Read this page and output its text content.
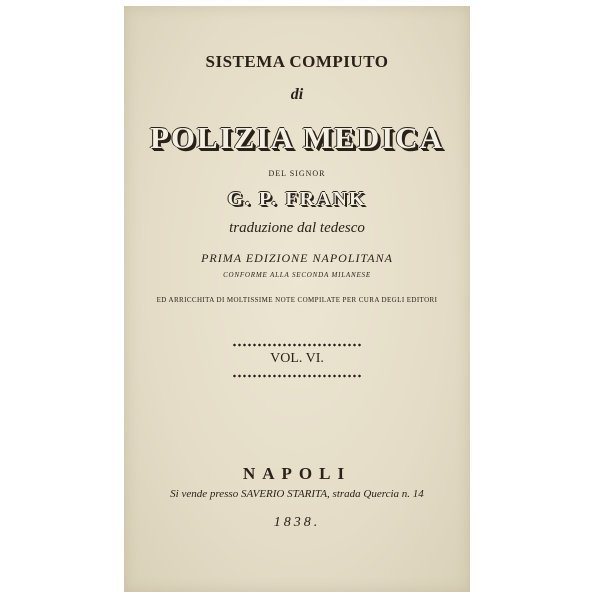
SISTEMA COMPIUTO
di
POLIZIA MEDICA
DEL SIGNOR
G. P. FRANK
traduzione dal tedesco
PRIMA EDIZIONE NAPOLITANA
CONFORME ALLA SECONDA MILANESE
ED ARRICCHITA DI MOLTISSIME NOTE COMPILATE PER CURA DEGLI EDITORI
VOL. VI.
NAPOLI
Si vende presso SAVERIO STARITA, strada Quercia n. 14
1838.
